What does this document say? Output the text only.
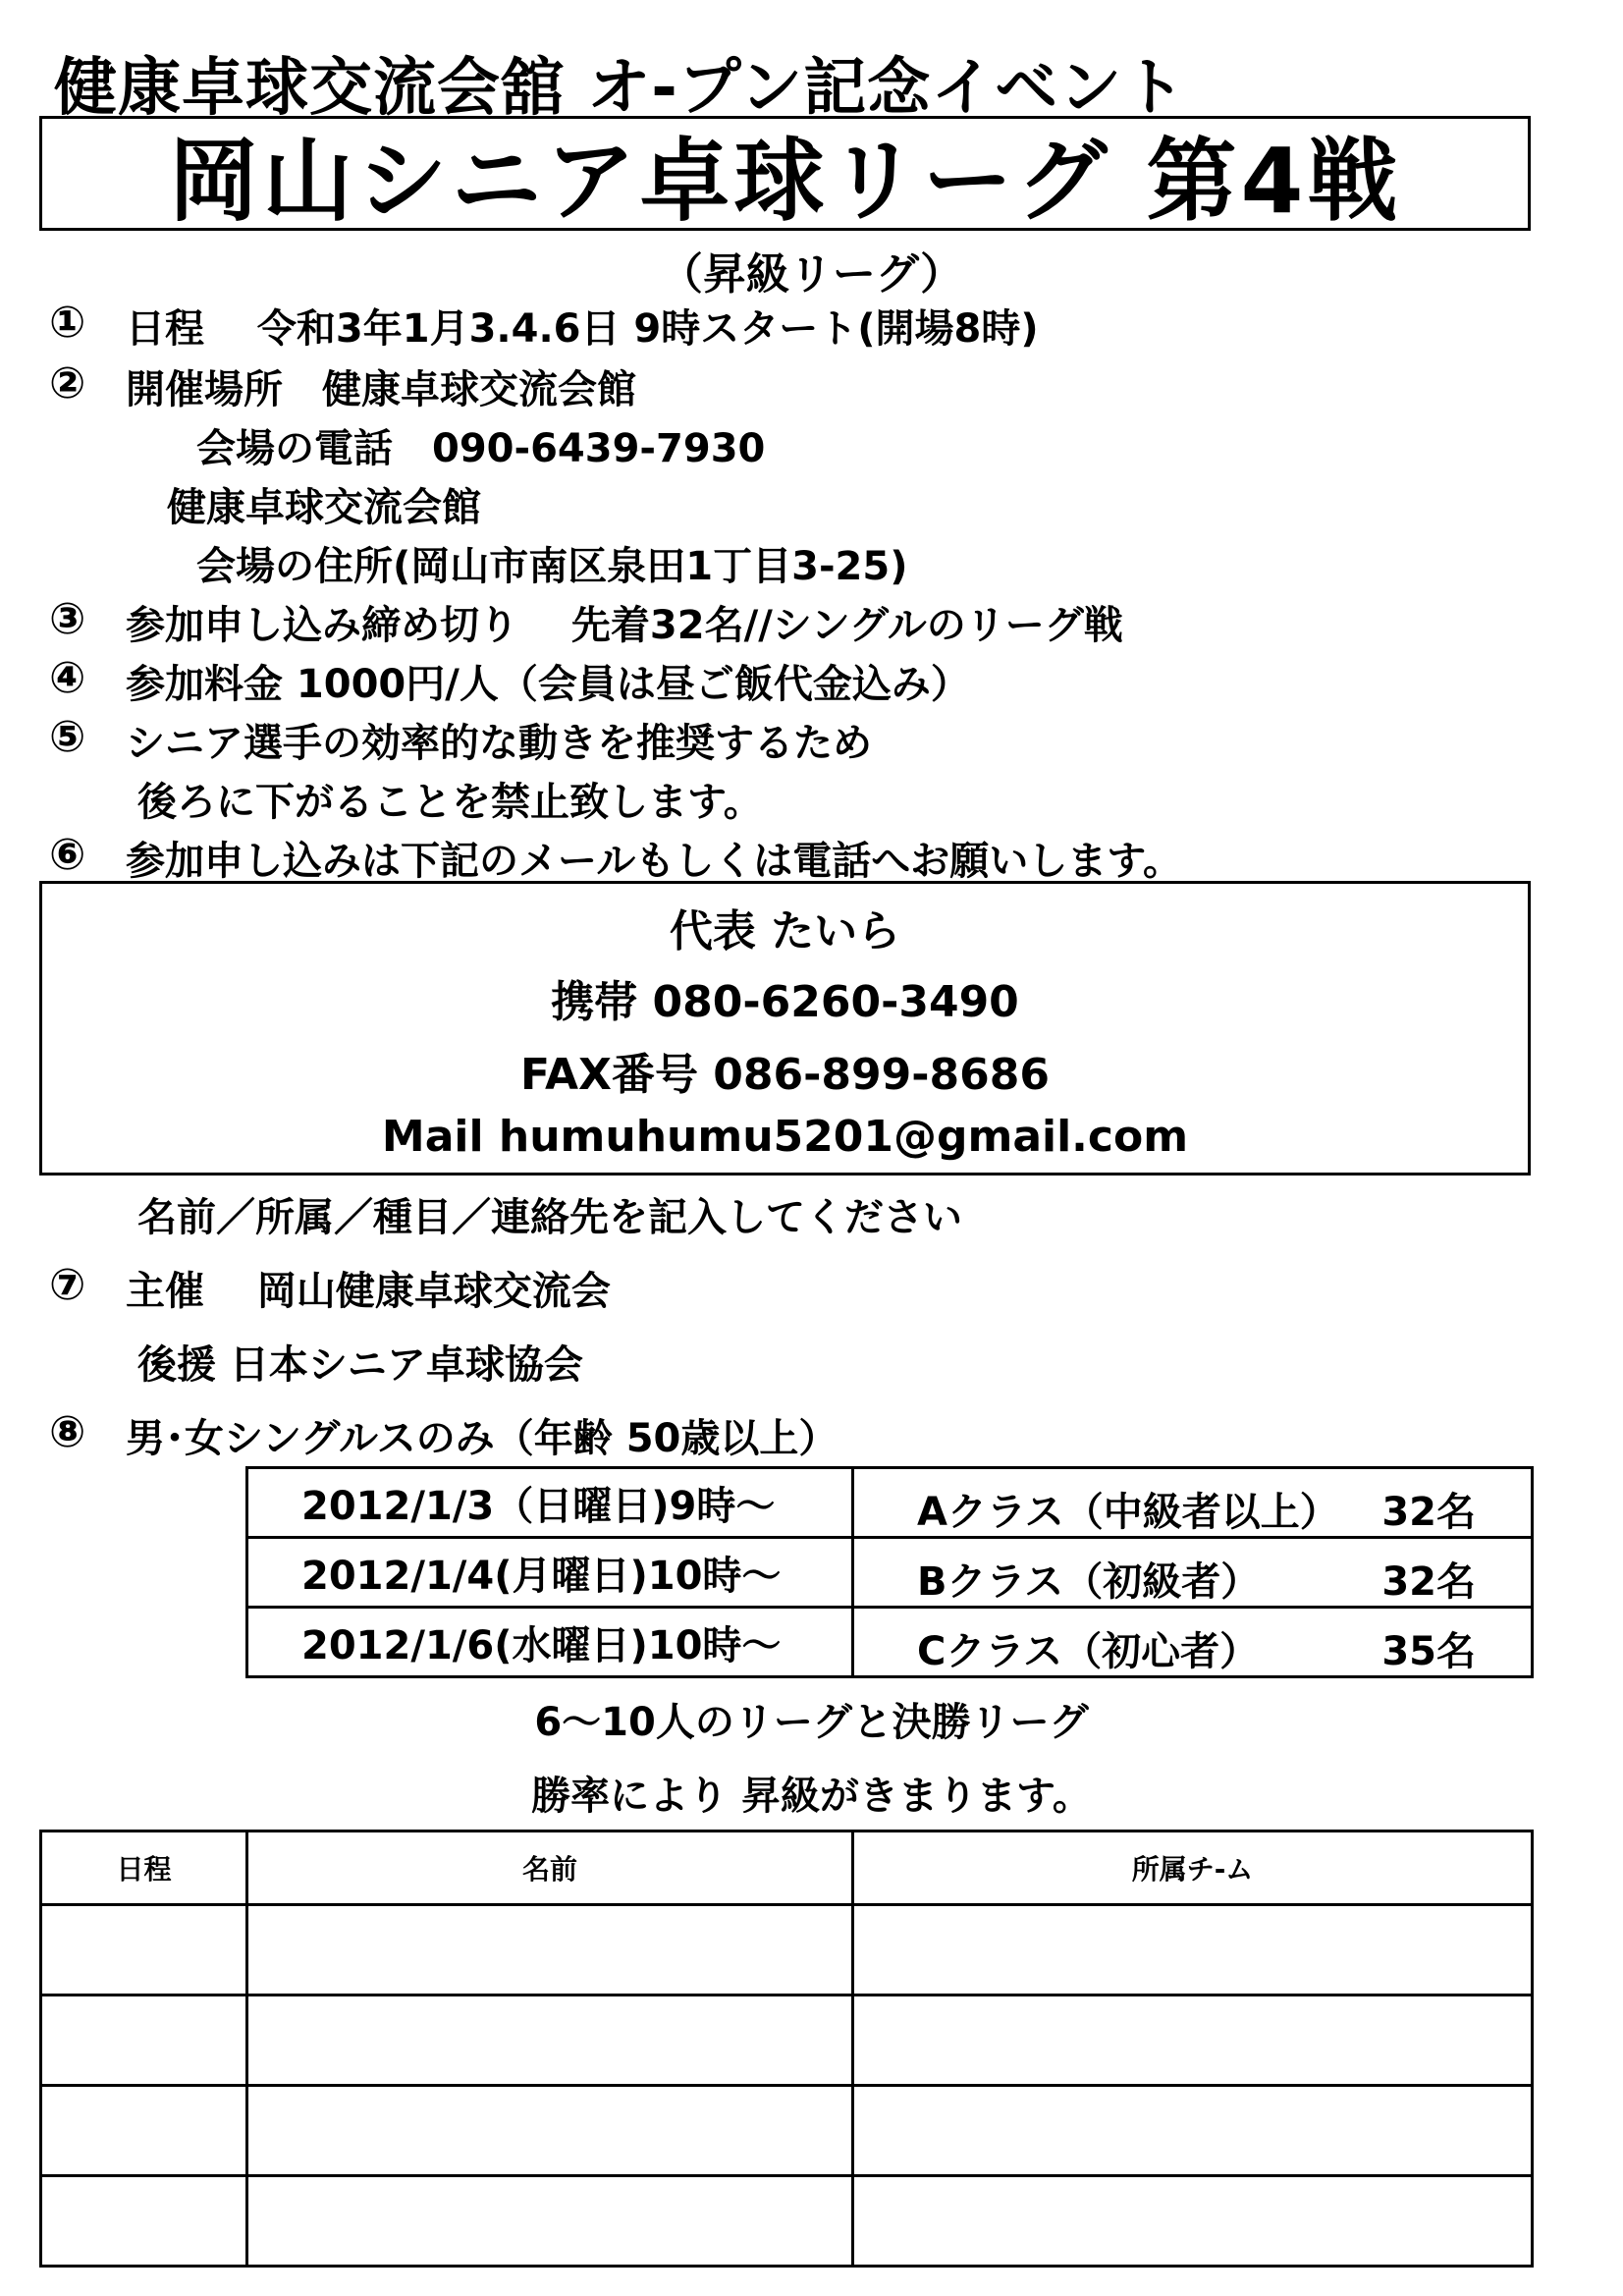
健康卓球交流会舘 オ-プン記念イベント
岡山シニア卓球リーグ 第4戦
（昇級リーグ）
① 日程　 令和3年1月3.4.6日 9時スタート(開場8時)
② 開催場所　健康卓球交流会館
会場の電話　090-6439-7930
健康卓球交流会館
会場の住所(岡山市南区泉田1丁目3-25)
③ 参加申し込み締め切り　 先着32名//シングルのリーグ戦
④ 参加料金 1000円/人（会員は昼ご飯代金込み）
⑤ シニア選手の効率的な動きを推奨するため
後ろに下がることを禁止致します。
⑥ 参加申し込みは下記のメールもしくは電話へお願いします。
代表 たいら
携帯 080-6260-3490
FAX番号 086-899-8686
Mail humuhumu5201@gmail.com
名前／所属／種目／連絡先を記入してください
⑦ 主催　 岡山健康卓球交流会
後援 日本シニア卓球協会
⑧ 男･女シングルスのみ（年齢 50歳以上）
2012/1/3（日曜日)9時～	Aクラス（中級者以上） 32名

2012/1/4(月曜日)10時～	Bクラス（初級者） 32名

2012/1/6(水曜日)10時～	Cクラス（初心者） 35名
6～10人のリーグと決勝リーグ
勝率により 昇級がきまります。
日程	名前	所属チ-ム
